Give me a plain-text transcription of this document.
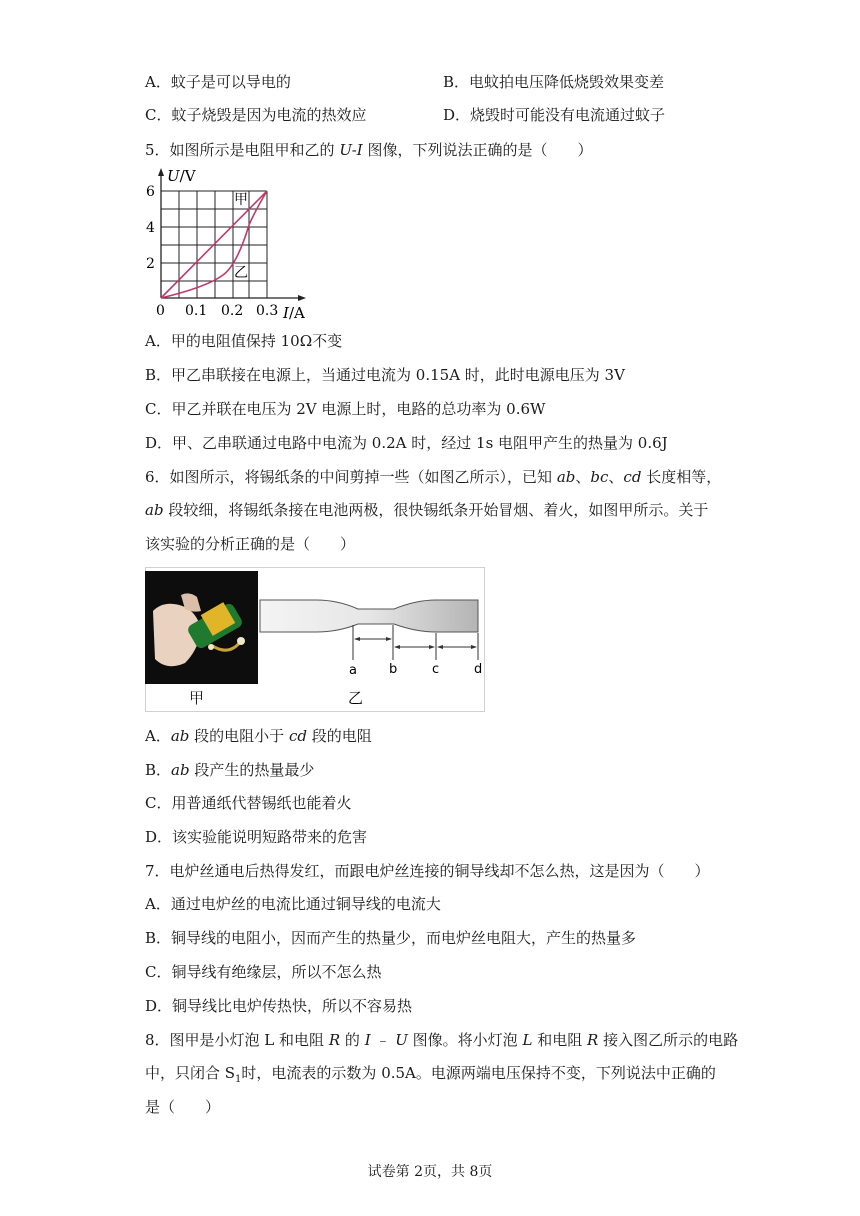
A．蚊子是可以导电的	B．电蚊拍电压降低烧毁效果变差
C．蚊子烧毁是因为电流的热效应	D．烧毁时可能没有电流通过蚊子
5．如图所示是电阻甲和乙的 U-I 图像，下列说法正确的是（　　）
U/V
6
4
2
0 0.1 0.2 0.3 I/A
甲
乙
A．甲的电阻值保持 10Ω不变
B．甲乙串联接在电源上，当通过电流为 0.15A 时，此时电源电压为 3V
C．甲乙并联在电压为 2V 电源上时，电路的总功率为 0.6W
D．甲、乙串联通过电路中电流为 0.2A 时，经过 1s 电阻甲产生的热量为 0.6J
6．如图所示，将锡纸条的中间剪掉一些（如图乙所示），已知 ab、bc、cd 长度相等，
ab 段较细，将锡纸条接在电池两极，很快锡纸条开始冒烟、着火，如图甲所示。关于
该实验的分析正确的是（　　）
甲
a b	c	d
乙
A．ab 段的电阻小于 cd 段的电阻
B．ab 段产生的热量最少
C．用普通纸代替锡纸也能着火
D．该实验能说明短路带来的危害
7．电炉丝通电后热得发红，而跟电炉丝连接的铜导线却不怎么热，这是因为（　　）
A．通过电炉丝的电流比通过铜导线的电流大
B．铜导线的电阻小，因而产生的热量少，而电炉丝电阻大，产生的热量多
C．铜导线有绝缘层，所以不怎么热
D．铜导线比电炉传热快，所以不容易热
8．图甲是小灯泡 L 和电阻 R 的 I ﹣ U 图像。将小灯泡 L 和电阻 R 接入图乙所示的电路
中，只闭合 $S_1$时，电流表的示数为 0.5A。电源两端电压保持不变，下列说法中正确的
是（　　）
试卷第 2页，共 8页
